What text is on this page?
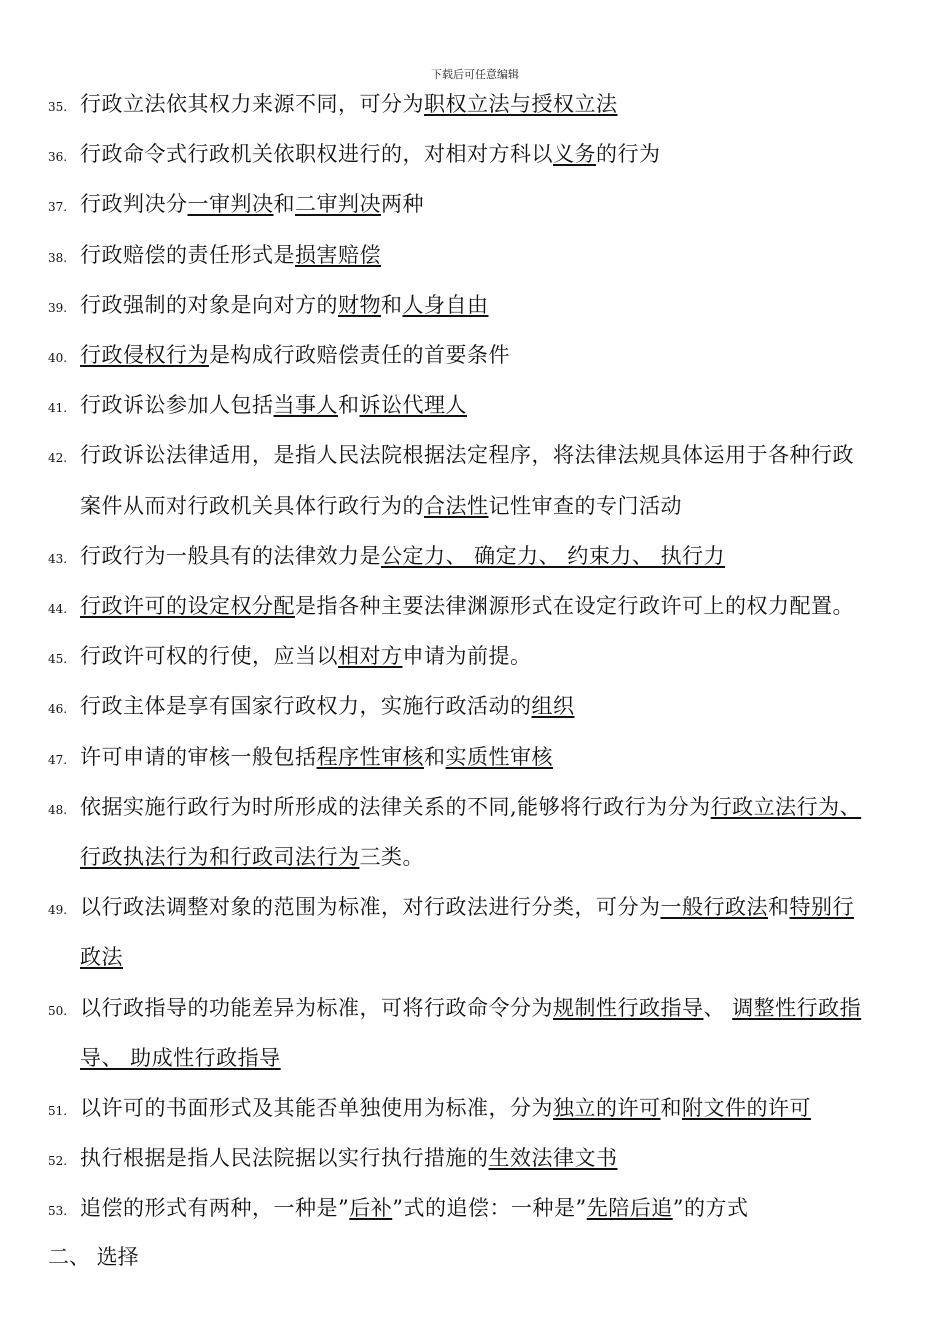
下载后可任意编辑
35. 行政立法依其权力来源不同，可分为职权立法与授权立法
36. 行政命令式行政机关依职权进行的，对相对方科以义务的行为
37. 行政判决分一审判决和二审判决两种
38. 行政赔偿的责任形式是损害赔偿
39. 行政强制的对象是向对方的财物和人身自由
40. 行政侵权行为是构成行政赔偿责任的首要条件
41. 行政诉讼参加人包括当事人和诉讼代理人
42. 行政诉讼法律适用，是指人民法院根据法定程序，将法律法规具体运用于各种行政
案件从而对行政机关具体行政行为的合法性记性审查的专门活动
43. 行政行为一般具有的法律效力是公定力、 确定力、 约束力、 执行力
44. 行政许可的设定权分配是指各种主要法律渊源形式在设定行政许可上的权力配置。
45. 行政许可权的行使，应当以相对方申请为前提。
46. 行政主体是享有国家行政权力，实施行政活动的组织
47. 许可申请的审核一般包括程序性审核和实质性审核
48. 依据实施行政行为时所形成的法律关系的不同,能够将行政行为分为行政立法行为、
行政执法行为和行政司法行为三类。
49. 以行政法调整对象的范围为标准，对行政法进行分类，可分为一般行政法和特别行
政法
50. 以行政指导的功能差异为标准，可将行政命令分为规制性行政指导、 调整性行政指
导、 助成性行政指导
51. 以许可的书面形式及其能否单独使用为标准，分为独立的许可和附文件的许可
52. 执行根据是指人民法院据以实行执行措施的生效法律文书
53. 追偿的形式有两种，一种是”后补”式的追偿：一种是”先陪后追”的方式
二、 选择
